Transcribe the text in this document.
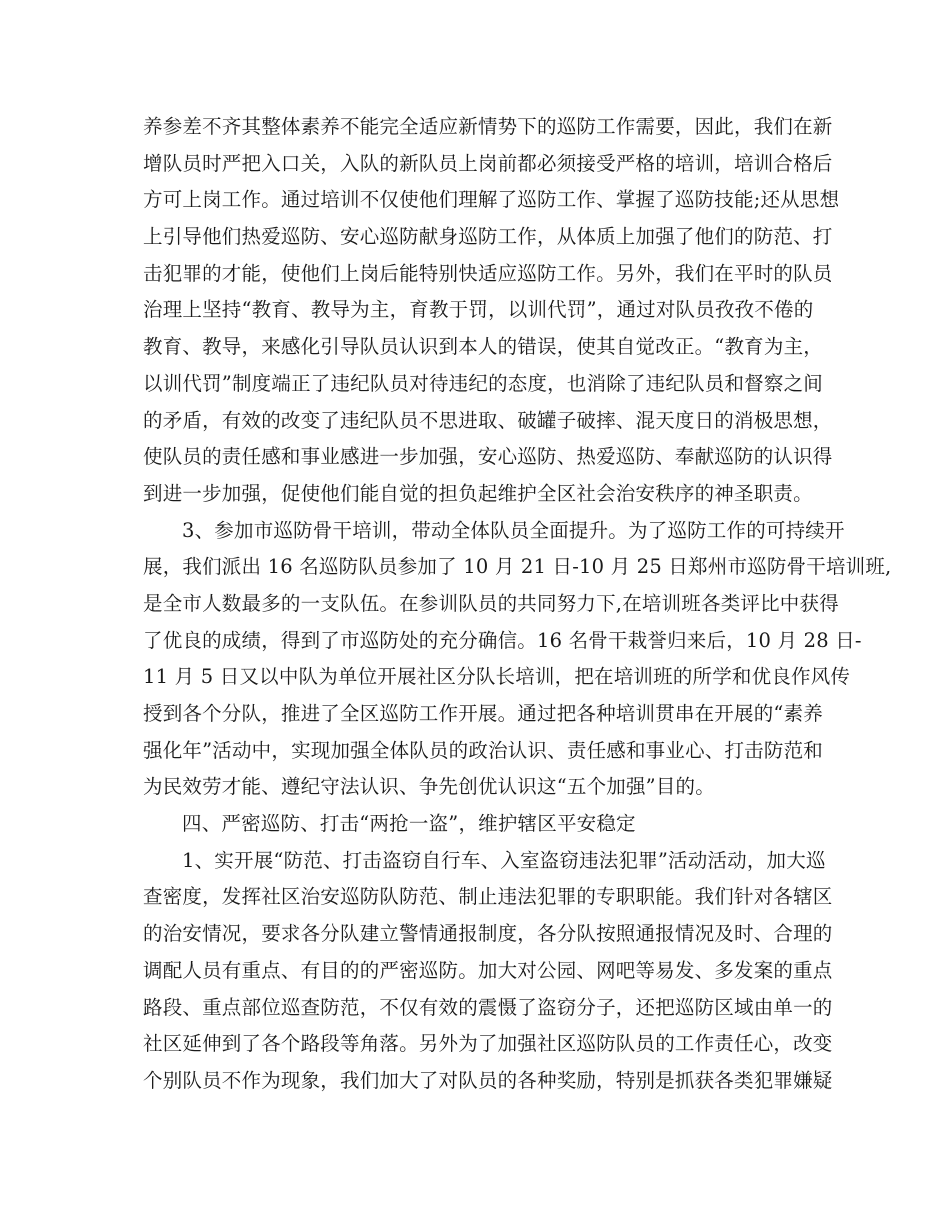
养参差不齐其整体素养不能完全适应新情势下的巡防工作需要，因此，我们在新
增队员时严把入口关，入队的新队员上岗前都必须接受严格的培训，培训合格后
方可上岗工作。通过培训不仅使他们理解了巡防工作、掌握了巡防技能;还从思想
上引导他们热爱巡防、安心巡防献身巡防工作，从体质上加强了他们的防范、打
击犯罪的才能，使他们上岗后能特别快适应巡防工作。另外，我们在平时的队员
治理上坚持“教育、教导为主，育教于罚，以训代罚”，通过对队员孜孜不倦的
教育、教导，来感化引导队员认识到本人的错误，使其自觉改正。“教育为主，
以训代罚”制度端正了违纪队员对待违纪的态度，也消除了违纪队员和督察之间
的矛盾，有效的改变了违纪队员不思进取、破罐子破摔、混天度日的消极思想，
使队员的责任感和事业感进一步加强，安心巡防、热爱巡防、奉献巡防的认识得
到进一步加强，促使他们能自觉的担负起维护全区社会治安秩序的神圣职责。
3、参加市巡防骨干培训，带动全体队员全面提升。为了巡防工作的可持续开
展，我们派出 16 名巡防队员参加了 10 月 21 日-10 月 25 日郑州市巡防骨干培训班,
是全市人数最多的一支队伍。在参训队员的共同努力下,在培训班各类评比中获得
了优良的成绩，得到了市巡防处的充分确信。16 名骨干栽誉归来后，10 月 28 日-
11 月 5 日又以中队为单位开展社区分队长培训，把在培训班的所学和优良作风传
授到各个分队，推进了全区巡防工作开展。通过把各种培训贯串在开展的“素养
强化年”活动中，实现加强全体队员的政治认识、责任感和事业心、打击防范和
为民效劳才能、遵纪守法认识、争先创优认识这“五个加强”目的。
四、严密巡防、打击“两抢一盗”，维护辖区平安稳定
1、实开展“防范、打击盗窃自行车、入室盗窃违法犯罪”活动活动，加大巡
查密度，发挥社区治安巡防队防范、制止违法犯罪的专职职能。我们针对各辖区
的治安情况，要求各分队建立警情通报制度，各分队按照通报情况及时、合理的
调配人员有重点、有目的的严密巡防。加大对公园、网吧等易发、多发案的重点
路段、重点部位巡查防范，不仅有效的震慑了盗窃分子，还把巡防区域由单一的
社区延伸到了各个路段等角落。另外为了加强社区巡防队员的工作责任心，改变
个别队员不作为现象，我们加大了对队员的各种奖励，特别是抓获各类犯罪嫌疑
